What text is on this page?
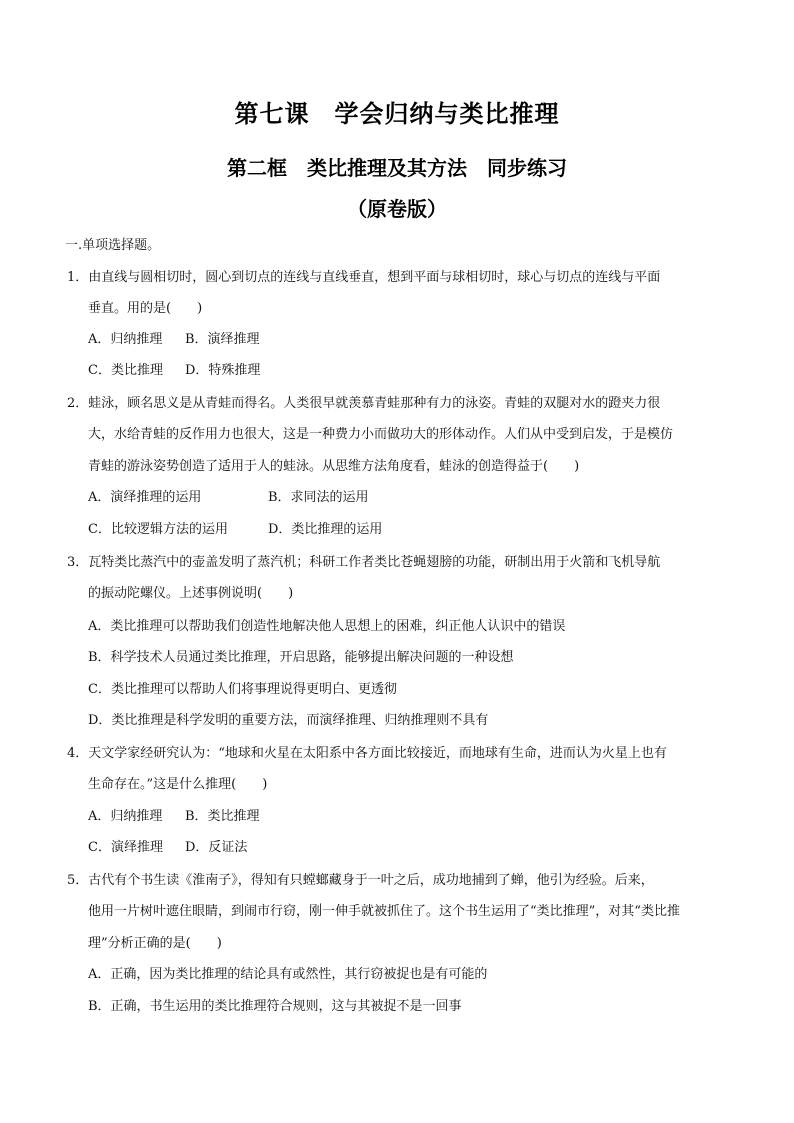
第七课　学会归纳与类比推理
第二框　类比推理及其方法　同步练习
（原卷版）
一.单项选择题。
1．由直线与圆相切时，圆心到切点的连线与直线垂直，想到平面与球相切时，球心与切点的连线与平面
垂直。用的是(　　)
A．归纳推理 B．演绎推理
C．类比推理 D．特殊推理
2．蛙泳，顾名思义是从青蛙而得名。人类很早就羡慕青蛙那种有力的泳姿。青蛙的双腿对水的蹬夹力很
大，水给青蛙的反作用力也很大，这是一种费力小而做功大的形体动作。人们从中受到启发，于是模仿
青蛙的游泳姿势创造了适用于人的蛙泳。从思维方法角度看，蛙泳的创造得益于(　　)
A．演绎推理的运用	B．求同法的运用
C．比较逻辑方法的运用	D．类比推理的运用
3．瓦特类比蒸汽中的壶盖发明了蒸汽机；科研工作者类比苍蝇翅膀的功能，研制出用于火箭和飞机导航
的振动陀螺仪。上述事例说明(　　)
A．类比推理可以帮助我们创造性地解决他人思想上的困难，纠正他人认识中的错误
B．科学技术人员通过类比推理，开启思路，能够提出解决问题的一种设想
C．类比推理可以帮助人们将事理说得更明白、更透彻
D．类比推理是科学发明的重要方法，而演绎推理、归纳推理则不具有
4．天文学家经研究认为：“地球和火星在太阳系中各方面比较接近，而地球有生命，进而认为火星上也有
生命存在。”这是什么推理(　　)
A．归纳推理 B．类比推理
C．演绎推理 D．反证法
5．古代有个书生读《淮南子》，得知有只螳螂藏身于一叶之后，成功地捕到了蝉，他引为经验。后来，
他用一片树叶遮住眼睛，到闹市行窃，刚一伸手就被抓住了。这个书生运用了“类比推理”，对其“类比推
理”分析正确的是(　　)
A．正确，因为类比推理的结论具有或然性，其行窃被捉也是有可能的
B．正确，书生运用的类比推理符合规则，这与其被捉不是一回事
